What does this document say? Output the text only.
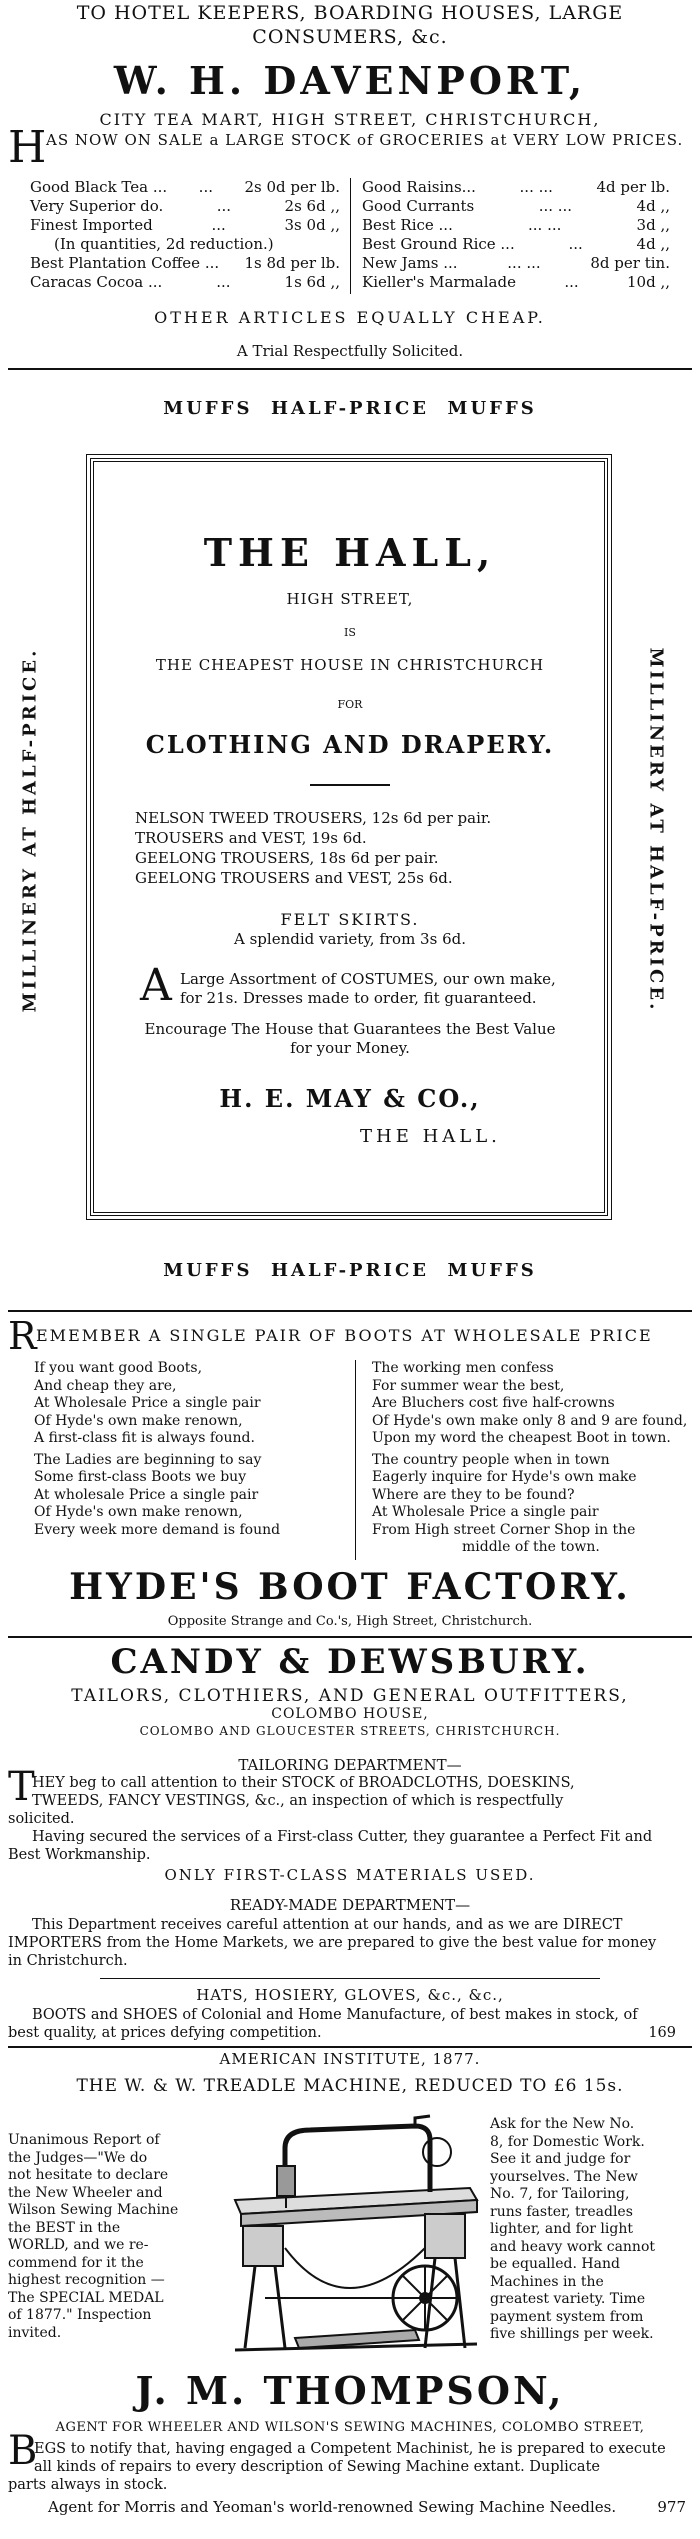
TO HOTEL KEEPERS, BOARDING HOUSES, LARGE
CONSUMERS, &c.
W. H. DAVENPORT,
CITY TEA MART, HIGH STREET, CHRISTCHURCH,
H AS NOW ON SALE a LARGE STOCK of GROCERIES at VERY LOW PRICES.
Good Black Tea ... ... 2s 0d per lb.
Very Superior do.	...	2s 6d ,,
Finest Imported	...	3s 0d ,,
(In quantities, 2d reduction.)
Best Plantation Coffee ... 1s 8d per lb.
Caracas Cocoa ...	...	1s 6d ,,
Good Raisins...	... ...	4d per lb.
Good Currants	... ...	4d ,,
Best Rice ...	... ...	3d ,,
Best Ground Rice ...	...	4d ,,
New Jams ...	... ...	8d per tin.
Kieller's Marmalade	...	10d ,,
OTHER ARTICLES EQUALLY CHEAP.
A Trial Respectfully Solicited.
MUFFS  HALF-PRICE  MUFFS
MILLINERY AT HALF-PRICE.	MILLINERY AT HALF-PRICE.
THE HALL,
HIGH STREET,
IS
THE CHEAPEST HOUSE IN CHRISTCHURCH
FOR
CLOTHING AND DRAPERY.
NELSON TWEED TROUSERS, 12s 6d per pair.
TROUSERS and VEST, 19s 6d.
GEELONG TROUSERS, 18s 6d per pair.
GEELONG TROUSERS and VEST, 25s 6d.
FELT SKIRTS.
A splendid variety, from 3s 6d.
A Large Assortment of COSTUMES, our own make,
for 21s. Dresses made to order, fit guaranteed.
Encourage The House that Guarantees the Best Value
for your Money.
H. E. MAY & CO.,
THE HALL.
MUFFS  HALF-PRICE  MUFFS
R EMEMBER A SINGLE PAIR OF BOOTS AT WHOLESALE PRICE
If you want good Boots,
And cheap they are,
At Wholesale Price a single pair
Of Hyde's own make renown,
A first-class fit is always found.
The Ladies are beginning to say
Some first-class Boots we buy
At wholesale Price a single pair
Of Hyde's own make renown,
Every week more demand is found
The working men confess
For summer wear the best,
Are Bluchers cost five half-crowns
Of Hyde's own make only 8 and 9 are found,
Upon my word the cheapest Boot in town.
The country people when in town
Eagerly inquire for Hyde's own make
Where are they to be found?
At Wholesale Price a single pair
From High street Corner Shop in the
middle of the town.
HYDE'S BOOT FACTORY.
Opposite Strange and Co.'s, High Street, Christchurch.
CANDY & DEWSBURY.
TAILORS, CLOTHIERS, AND GENERAL OUTFITTERS,
COLOMBO HOUSE,
COLOMBO AND GLOUCESTER STREETS, CHRISTCHURCH.
TAILORING DEPARTMENT—
T
HEY beg to call attention to their STOCK of BROADCLOTHS, DOESKINS,
TWEEDS, FANCY VESTINGS, &c., an inspection of which is respectfully
solicited.
Having secured the services of a First-class Cutter, they guarantee a Perfect Fit and
Best Workmanship.
ONLY FIRST-CLASS MATERIALS USED.
READY-MADE DEPARTMENT—
This Department receives careful attention at our hands, and as we are DIRECT
IMPORTERS from the Home Markets, we are prepared to give the best value for money
in Christchurch.
HATS, HOSIERY, GLOVES, &c., &c.,
BOOTS and SHOES of Colonial and Home Manufacture, of best makes in stock, of
best quality, at prices defying competition.	169
AMERICAN INSTITUTE, 1877.
THE W. & W. TREADLE MACHINE, REDUCED TO £6 15s.
Unanimous Report of
the Judges—"We do
not hesitate to declare
the New Wheeler and
Wilson Sewing Machine
the BEST in the
WORLD, and we re-
commend for it the
highest recognition —
The SPECIAL MEDAL
of 1877." Inspection
invited.
Ask for the New No.
8, for Domestic Work.
See it and judge for
yourselves. The New
No. 7, for Tailoring,
runs faster, treadles
lighter, and for light
and heavy work cannot
be equalled. Hand
Machines in the
greatest variety. Time
payment system from
five shillings per week.
J. M. THOMPSON,
AGENT FOR WHEELER AND WILSON'S SEWING MACHINES, COLOMBO STREET,
B
EGS to notify that, having engaged a Competent Machinist, he is prepared to execute
all kinds of repairs to every description of Sewing Machine extant. Duplicate
parts always in stock.
Agent for Morris and Yeoman's world-renowned Sewing Machine Needles.	977
